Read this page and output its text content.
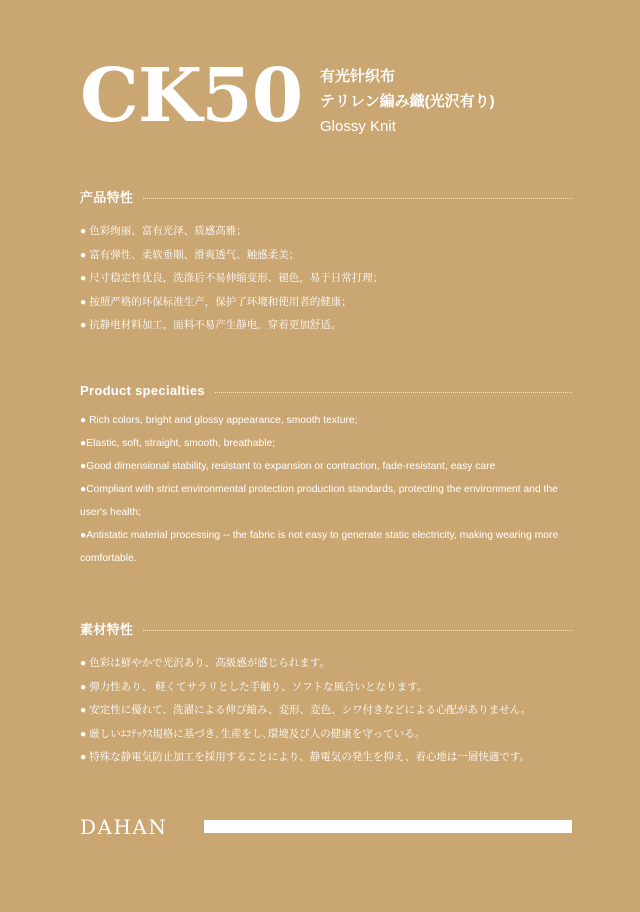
CK50 有光针织布
テリレン編み織(光沢有り)
Glossy Knit
产品特性
● 色彩绚丽、富有光泽、质感高雅；
● 富有弹性、柔软垂顺、滑爽透气、触感柔美；
● 尺寸稳定性优良，洗涤后不易伸缩变形、褪色，易于日常打理；
● 按照严格的环保标准生产，保护了环境和使用者的健康；
● 抗静电材料加工，面料不易产生静电，穿着更加舒适。
Product specialties
● Rich colors, bright and glossy appearance, smooth texture;
●Elastic, soft, straight, smooth, breathable;
●Good dimensional stability, resistant to expansion or contraction, fade-resistant, easy care
●Compliant with strict environmental protection production standards, protecting the environment and the user's health;
●Antistatic material processing -- the fabric is not easy to generate static electricity, making wearing more comfortable.
素材特性
● 色彩は鮮やかで光沢あり、高級感が感じられます。
● 弾力性あり、 軽くてサラリとした手触り、ソフトな風合いとなります。
● 安定性に優れて、洗濯による伸び縮み、変形、変色、シワ付きなどによる心配がありません。
● 厳しいｴｺﾃｯｸｽ規格に基づき､生産をし､環境及び人の健康を守っている。
● 特殊な静電気防止加工を採用することにより、静電気の発生を抑え、着心地は一層快適です。
DAHAN
